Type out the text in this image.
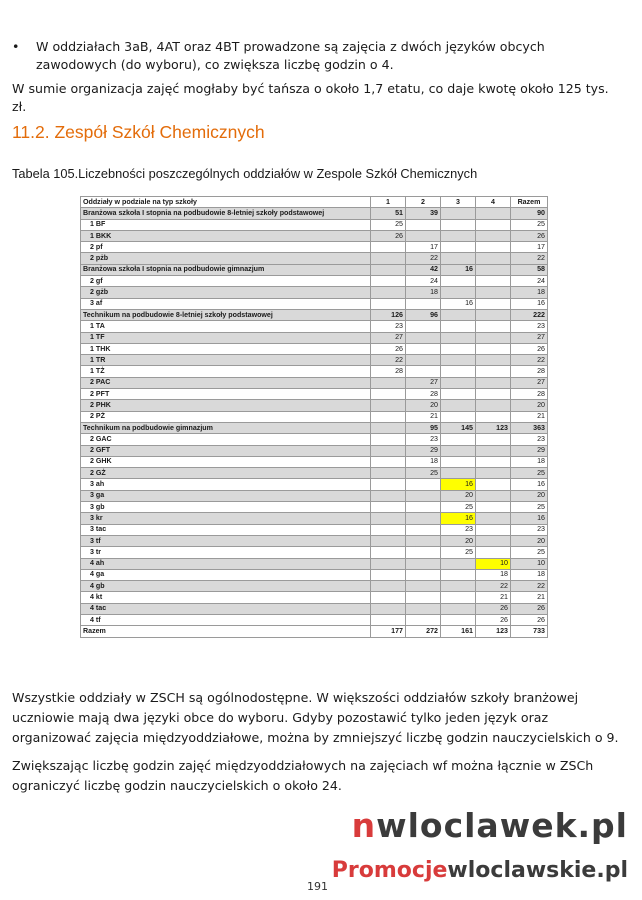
• W oddziałach 3aB, 4AT oraz 4BT prowadzone są zajęcia z dwóch języków obcych zawodowych (do wyboru), co zwiększa liczbę godzin o 4.
W sumie organizacja zajęć mogłaby być tańsza o około 1,7 etatu, co daje kwotę około 125 tys. zł.
11.2. Zespół Szkół Chemicznych
Tabela 105.Liczebności poszczególnych oddziałów w Zespole Szkół Chemicznych
Oddziały w podziale na typ szkoły	1	2	3	4	Razem
Branżowa szkoła I stopnia na podbudowie 8-letniej szkoły podstawowej	51	39			90
1 BF	25				25
1 BKK	26				26
2 pf		17			17
2 pżb		22			22
Branżowa szkoła I stopnia na podbudowie gimnazjum		42	16		58
2 gf		24			24
2 gżb		18			18
3 af			16		16
Technikum na podbudowie 8-letniej szkoły podstawowej	126	96			222
1 TA	23				23
1 TF	27				27
1 THK	26				26
1 TR	22				22
1 TŻ	28				28
2 PAC		27			27
2 PFT		28			28
2 PHK		20			20
2 PŻ		21			21
Technikum na podbudowie gimnazjum		95	145	123	363
2 GAC		23			23
2 GFT		29			29
2 GHK		18			18
2 GŻ		25			25
3 ah			16		16
3 ga			20		20
3 gb			25		25
3 kr			16		16
3 tac			23		23
3 tf			20		20
3 tr			25		25
4 ah				10	10
4 ga				18	18
4 gb				22	22
4 kt				21	21
4 tac				26	26
4 tf				26	26
Razem	177	272	161	123	733
Wszystkie oddziały w ZSCH są ogólnodostępne. W większości oddziałów szkoły branżowej uczniowie mają dwa języki obce do wyboru. Gdyby pozostawić tylko jeden język oraz organizować zajęcia międzyoddziałowe, można by zmniejszyć liczbę godzin nauczycielskich o 9.
Zwiększając liczbę godzin zajęć międzyoddziałowych na zajęciach wf można łącznie w ZSCh ograniczyć liczbę godzin nauczycielskich o około 24.
nwloclawek.pl
Promocjewloclawskie.pl
191
